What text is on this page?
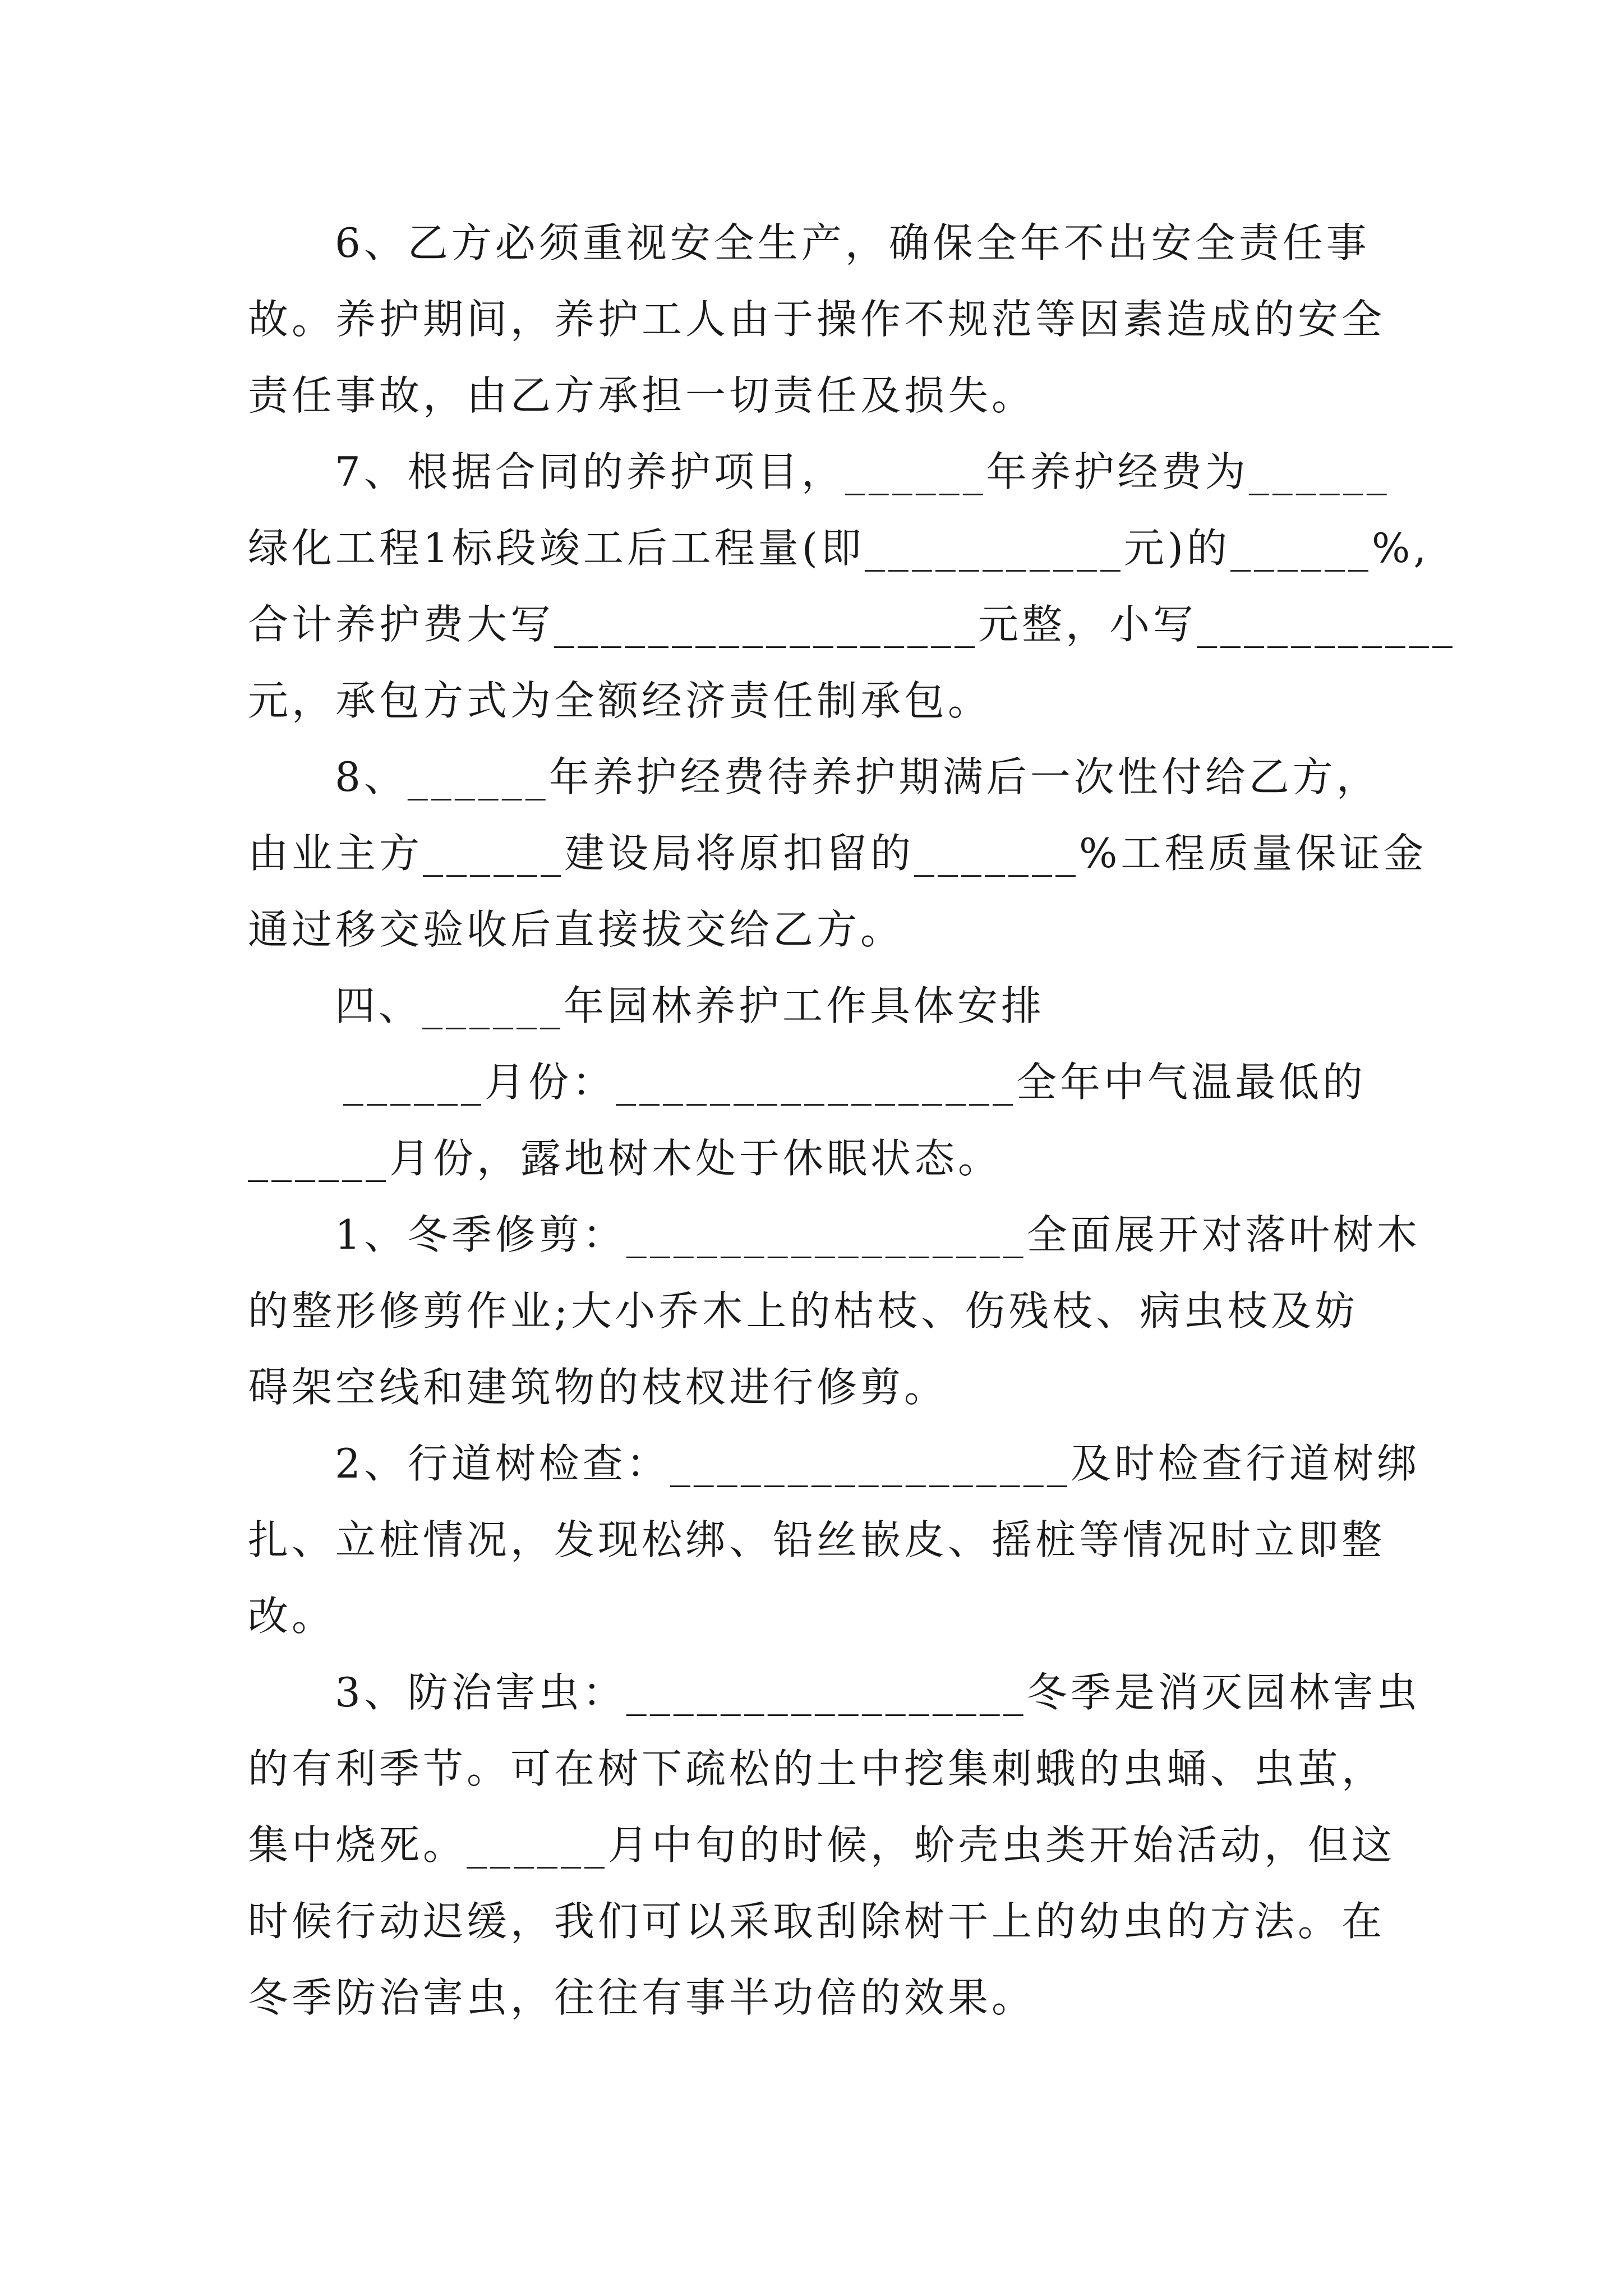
6、乙方必须重视安全生产，确保全年不出安全责任事
故。养护期间，养护工人由于操作不规范等因素造成的安全
责任事故，由乙方承担一切责任及损失。
7、根据合同的养护项目，______年养护经费为______
绿化工程1标段竣工后工程量(即___________元)的______%,
合计养护费大写__________________元整，小写___________
元，承包方式为全额经济责任制承包。
8、______年养护经费待养护期满后一次性付给乙方，
由业主方______建设局将原扣留的_______%工程质量保证金
通过移交验收后直接拔交给乙方。
四、______年园林养护工作具体安排
______月份：_________________全年中气温最低的
______月份，露地树木处于休眠状态。
1、冬季修剪：_________________全面展开对落叶树木
的整形修剪作业;大小乔木上的枯枝、伤残枝、病虫枝及妨
碍架空线和建筑物的枝杈进行修剪。
2、行道树检查：_________________及时检查行道树绑
扎、立桩情况，发现松绑、铅丝嵌皮、摇桩等情况时立即整
改。
3、防治害虫：_________________冬季是消灭园林害虫
的有利季节。可在树下疏松的土中挖集刺蛾的虫蛹、虫茧，
集中烧死。______月中旬的时候，蚧壳虫类开始活动，但这
时候行动迟缓，我们可以采取刮除树干上的幼虫的方法。在
冬季防治害虫，往往有事半功倍的效果。
